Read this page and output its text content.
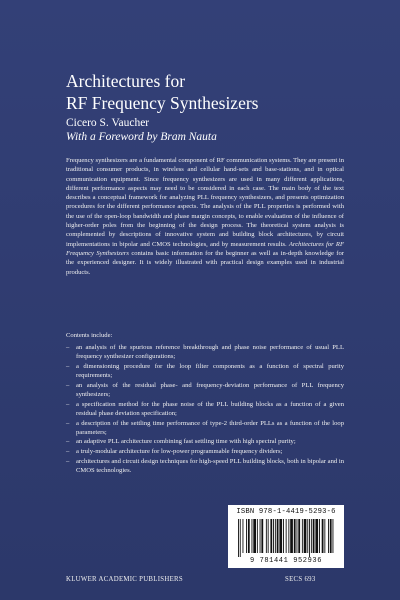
Architectures for
RF Frequency Synthesizers
Cicero S. Vaucher
With a Foreword by Bram Nauta

Frequency synthesizers are a fundamental component of RF communication systems. They are present in traditional consumer products, in wireless and cellular hand-sets and base-stations, and in optical communication equipment. Since frequency synthesizers are used in many different applications, different performance aspects may need to be considered in each case. The main body of the text describes a conceptual framework for analyzing PLL frequency synthesizers, and presents optimization procedures for the different performance aspects. The analysis of the PLL properties is performed with the use of the open-loop bandwidth and phase margin concepts, to enable evaluation of the influence of higher-order poles from the beginning of the design process. The theoretical system analysis is complemented by descriptions of innovative system and building block architectures, by circuit implementations in bipolar and CMOS technologies, and by measurement results. Architectures for RF Frequency Synthesizers contains basic information for the beginner as well as in-depth knowledge for the experienced designer. It is widely illustrated with practical design examples used in industrial products.

Contents include:
– an analysis of the spurious reference breakthrough and phase noise performance of usual PLL frequency synthesizer configurations;
– a dimensioning procedure for the loop filter components as a function of spectral purity requirements;
– an analysis of the residual phase- and frequency-deviation performance of PLL frequency synthesizers;
– a specification method for the phase noise of the PLL building blocks as a function of a given residual phase deviation specification;
– a description of the settling time performance of type-2 third-order PLLs as a function of the loop parameters;
– an adaptive PLL architecture combining fast settling time with high spectral purity;
– a truly-modular architecture for low-power programmable frequency dividers;
– architectures and circuit design techniques for high-speed PLL building blocks, both in bipolar and in CMOS technologies.
ISBN 978-1-4419-5293-6
9 781441 952936
KLUWER ACADEMIC PUBLISHERS	SECS 693
